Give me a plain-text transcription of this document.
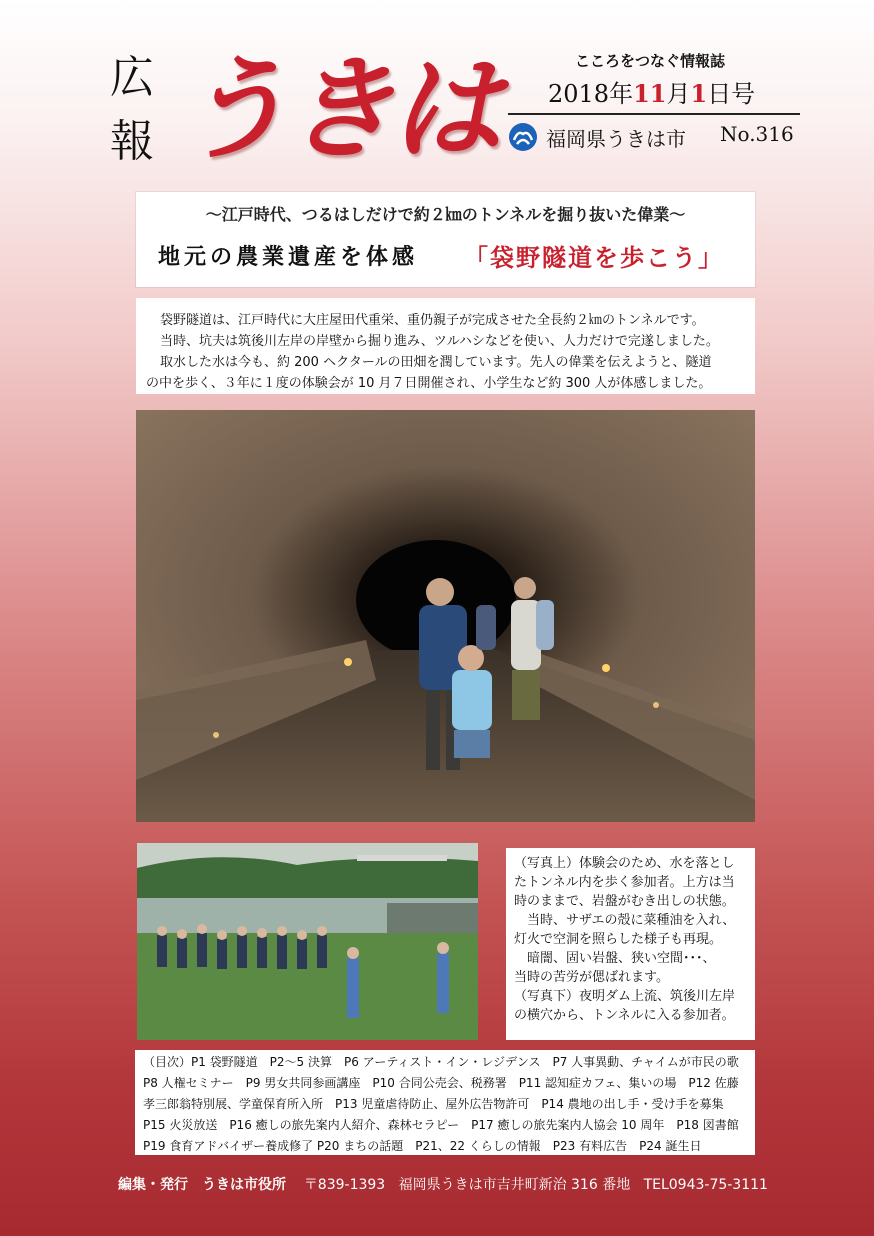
広
報 うきは	こころをつなぐ情報誌
2018年11月1日号
福岡県うきは市 No.316
〜江戸時代、つるはしだけで約２㎞のトンネルを掘り抜いた偉業〜
地元の農業遺産を体感 「袋野隧道を歩こう」

袋野隧道は、江戸時代に大庄屋田代重栄、重仍親子が完成させた全長約２㎞のトンネルです。

当時、坑夫は筑後川左岸の岸壁から掘り進み、ツルハシなどを使い、人力だけで完遂しました。

取水した水は今も、約 200 ヘクタールの田畑を潤しています。先人の偉業を伝えようと、隧道

の中を歩く、３年に１度の体験会が 10 月７日開催され、小学生など約 300 人が体感しました。

（写真上）体験会のため、水を落とし

たトンネル内を歩く参加者。上方は当

時のままで、岩盤がむき出しの状態。

　当時、サザエの殻に菜種油を入れ、

灯火で空洞を照らした様子も再現。

　暗闇、固い岩盤、狭い空間･･･、

当時の苦労が偲ばれます。

（写真下）夜明ダム上流、筑後川左岸

の横穴から、トンネルに入る参加者。

（目次）P1 袋野隧道　P2〜5 決算　P6 アーティスト・イン・レジデンス　P7 人事異動、チャイムが市民の歌

P8 人権セミナー　P9 男女共同参画講座　P10 合同公売会、税務署　P11 認知症カフェ、集いの場　P12 佐藤

孝三郎翁特別展、学童保育所入所　P13 児童虐待防止、屋外広告物許可　P14 農地の出し手・受け手を募集

P15 火災放送　P16 癒しの旅先案内人紹介、森林セラピー　P17 癒しの旅先案内人協会 10 周年　P18 図書館

P19 食育アドバイザー養成修了 P20 まちの話題　P21、22 くらしの情報　P23 有料広告　P24 誕生日

編集・発行　うきは市役所 〒839-1393 福岡県うきは市吉井町新治 316 番地 TEL0943-75-3111
